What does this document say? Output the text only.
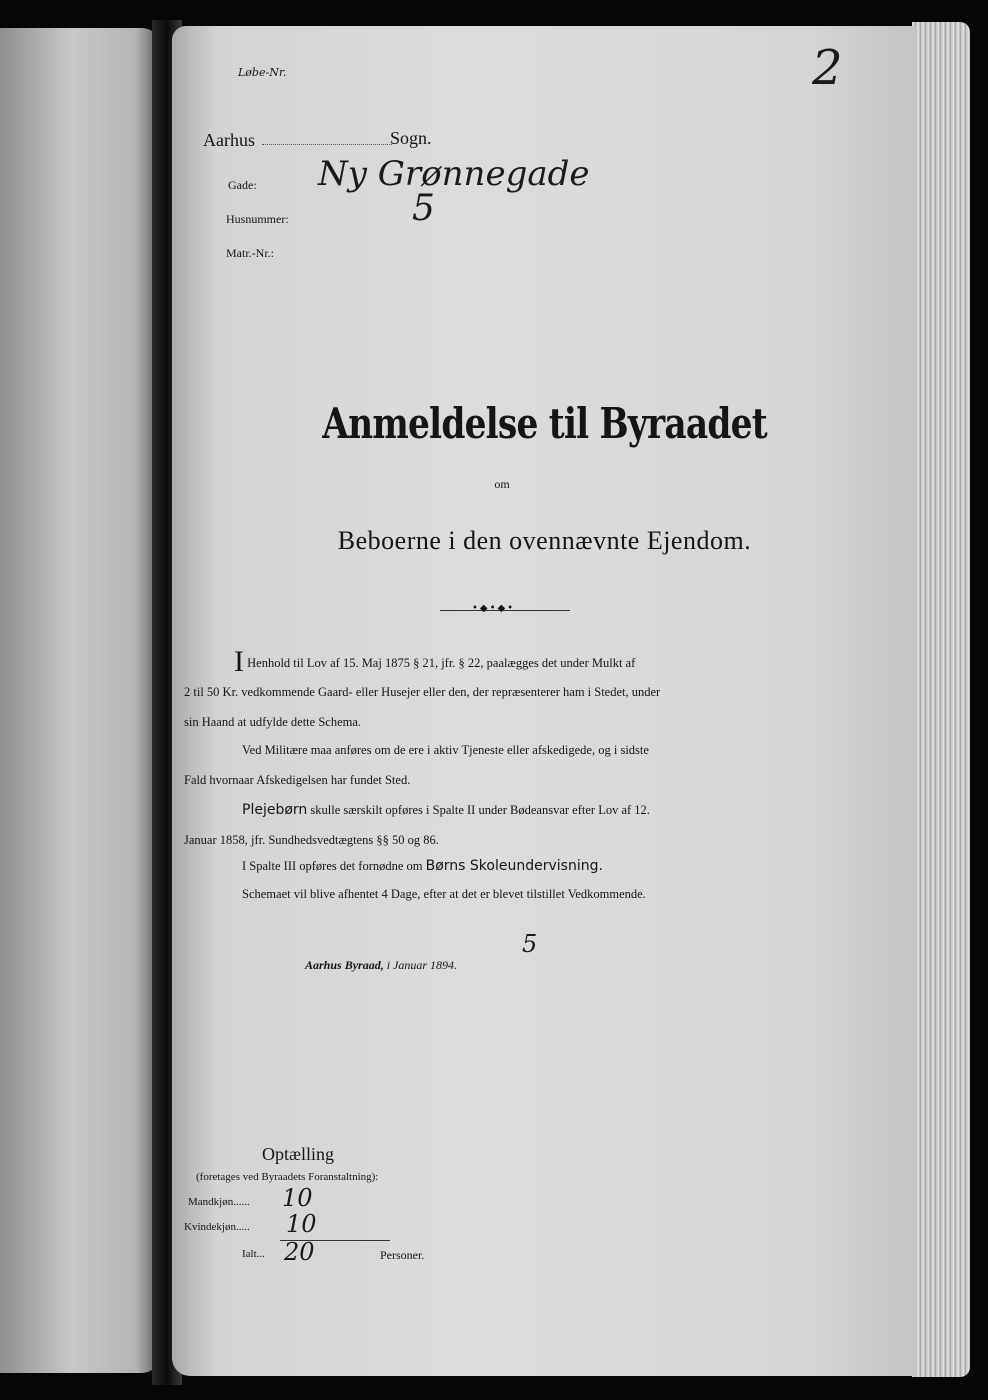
Løbe-Nr.	2
Aarhus	Sogn.
Gade: Ny Grønnegade
Husnummer:	5
Matr.-Nr.:
Anmeldelse til Byraadet
om
Beboerne i den ovennævnte Ejendom.
•◆•◆•
I Henhold til Lov af 15. Maj 1875 § 21, jfr. § 22, paalægges det under Mulkt af
2 til 50 Kr. vedkommende Gaard- eller Husejer eller den, der repræsenterer ham i Stedet, under
sin Haand at udfylde dette Schema.
Ved Militære maa anføres om de ere i aktiv Tjeneste eller afskedigede, og i sidste
Fald hvornaar Afskedigelsen har fundet Sted.
Plejebørn skulle særskilt opføres i Spalte II under Bødeansvar efter Lov af 12.
Januar 1858, jfr. Sundhedsvedtægtens §§ 50 og 86.
I Spalte III opføres det fornødne om Børns Skoleundervisning.
Schemaet vil blive afhentet 4 Dage, efter at det er blevet tilstillet Vedkommende.
Aarhus Byraad, i Januar 1894.
5
Optælling
(foretages ved Byraadets Foranstaltning):
Mandkjøn...... 10
Kvindekjøn..... 10
Ialt... 20	Personer.
